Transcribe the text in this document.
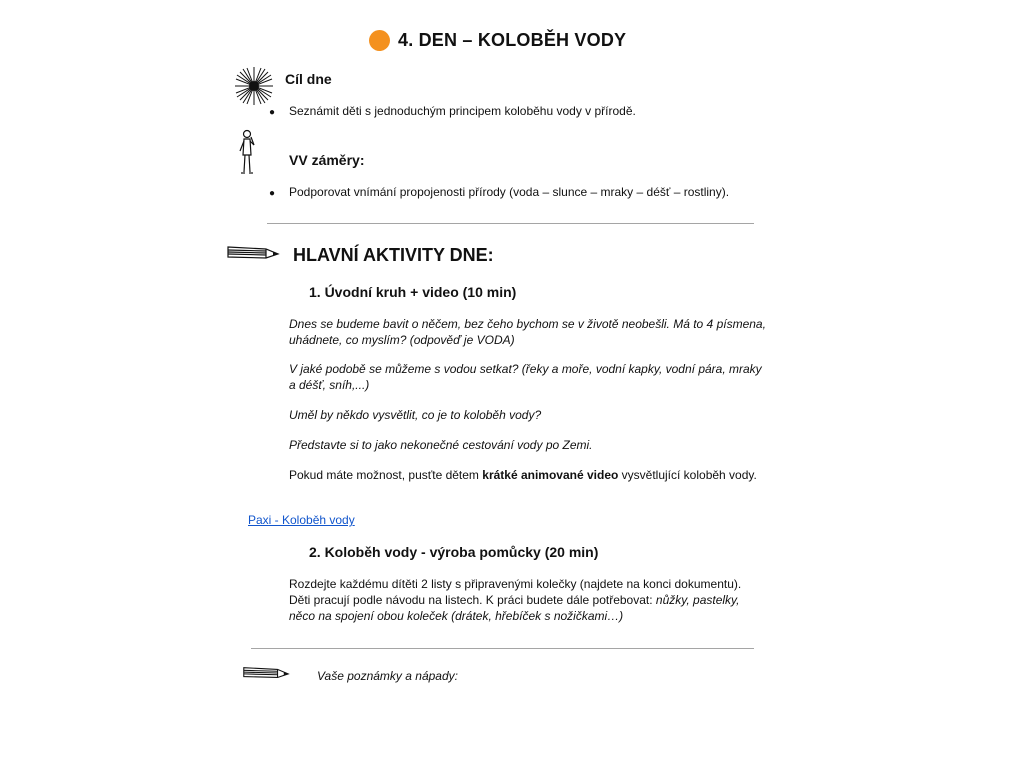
4. DEN – KOLOBĚH VODY
Cíl dne
● Seznámit děti s jednoduchým principem koloběhu vody v přírodě.
VV záměry:
● Podporovat vnímání propojenosti přírody (voda – slunce – mraky – déšť – rostliny).
HLAVNÍ AKTIVITY DNE:
1. Úvodní kruh + video (10 min)
Dnes se budeme bavit o něčem, bez čeho bychom se v životě neobešli. Má to 4 písmena, uhádnete, co myslím? (odpověď je VODA)
V jaké podobě se můžeme s vodou setkat? (řeky a moře, vodní kapky, vodní pára, mraky a déšť, sníh,...)
Uměl by někdo vysvětlit, co je to koloběh vody?
Představte si to jako nekonečné cestování vody po Zemi.
Pokud máte možnost, pusťte dětem krátké animované video vysvětlující koloběh vody.
Paxi - Koloběh vody
2. Koloběh vody - výroba pomůcky (20 min)
Rozdejte každému dítěti 2 listy s připravenými kolečky (najdete na konci dokumentu). Děti pracují podle návodu na listech. K práci budete dále potřebovat: nůžky, pastelky, něco na spojení obou koleček (drátek, hřebíček s nožičkami…)
Vaše poznámky a nápady:
